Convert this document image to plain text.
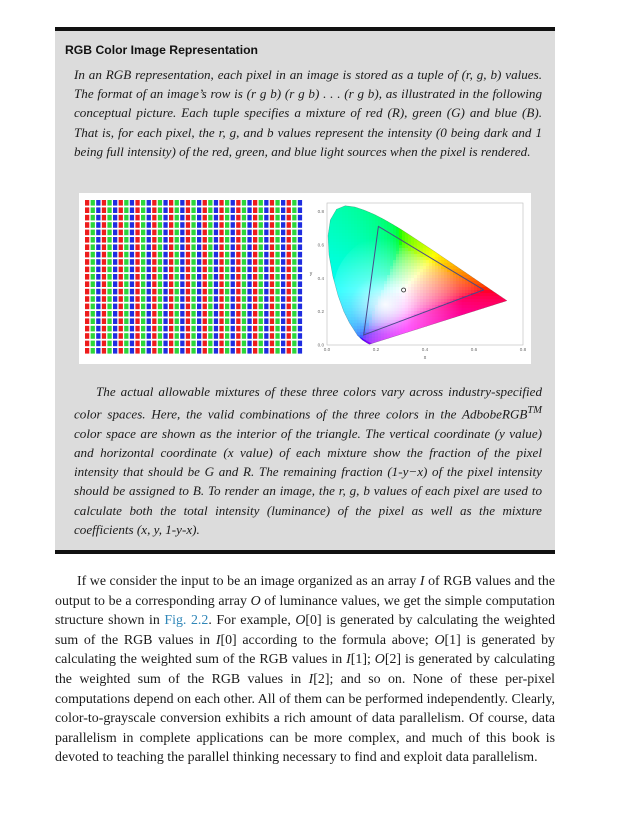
RGB Color Image Representation

In an RGB representation, each pixel in an image is stored as a tuple of (r, g, b) values. The format of an image’s row is (r g b) (r g b) . . . (r g b), as illustrated in the following conceptual picture. Each tuple specifies a mixture of red (R), green (G) and blue (B). That is, for each pixel, the r, g, and b values represent the intensity (0 being dark and 1 being full intensity) of the red, green, and blue light sources when the pixel is rendered.

0.0	0.2	0.4	0.6	0.8
0.0
0.2
0.4
0.6
0.8
x
y

The actual allowable mixtures of these three colors vary across industry-specified color spaces. Here, the valid combinations of the three colors in the AdbobeRGB™ color space are shown as the interior of the triangle. The vertical coordinate (y value) and horizontal coordinate (x value) of each mixture show the fraction of the pixel intensity that should be G and R. The remaining fraction (1-y−x) of the pixel intensity should be assigned to B. To render an image, the r, g, b values of each pixel are used to calculate both the total intensity (luminance) of the pixel as well as the mixture coefficients (x, y, 1-y-x).

If we consider the input to be an image organized as an array I of RGB values and the output to be a corresponding array O of luminance values, we get the simple computation structure shown in Fig. 2.2. For example, O[0] is generated by calculating the weighted sum of the RGB values in I[0] according to the formula above; O[1] is generated by calculating the weighted sum of the RGB values in I[1]; O[2] is generated by calculating the weighted sum of the RGB values in I[2]; and so on. None of these per-pixel computations depend on each other. All of them can be performed independently. Clearly, color-to-grayscale conversion exhibits a rich amount of data parallelism. Of course, data parallelism in complete applications can be more complex, and much of this book is devoted to teaching the parallel thinking necessary to find and exploit data parallelism.
